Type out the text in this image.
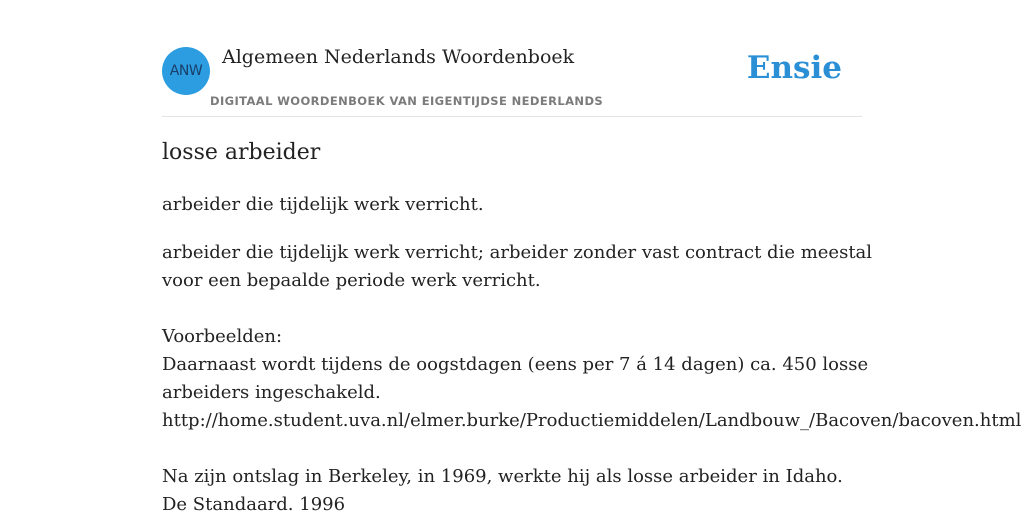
ANW
Algemeen Nederlands Woordenboek
DIGITAAL WOORDENBOEK VAN EIGENTIJDSE NEDERLANDS
Ensie
losse arbeider
arbeider die tijdelijk werk verricht.
arbeider die tijdelijk werk verricht; arbeider zonder vast contract die meestal
voor een bepaalde periode werk verricht.
Voorbeelden:
Daarnaast wordt tijdens de oogstdagen (eens per 7 á 14 dagen) ca. 450 losse
arbeiders ingeschakeld.
http://home.student.uva.nl/elmer.burke/Productiemiddelen/Landbouw_/Bacoven/bacoven.html
Na zijn ontslag in Berkeley, in 1969, werkte hij als losse arbeider in Idaho.
De Standaard. 1996
